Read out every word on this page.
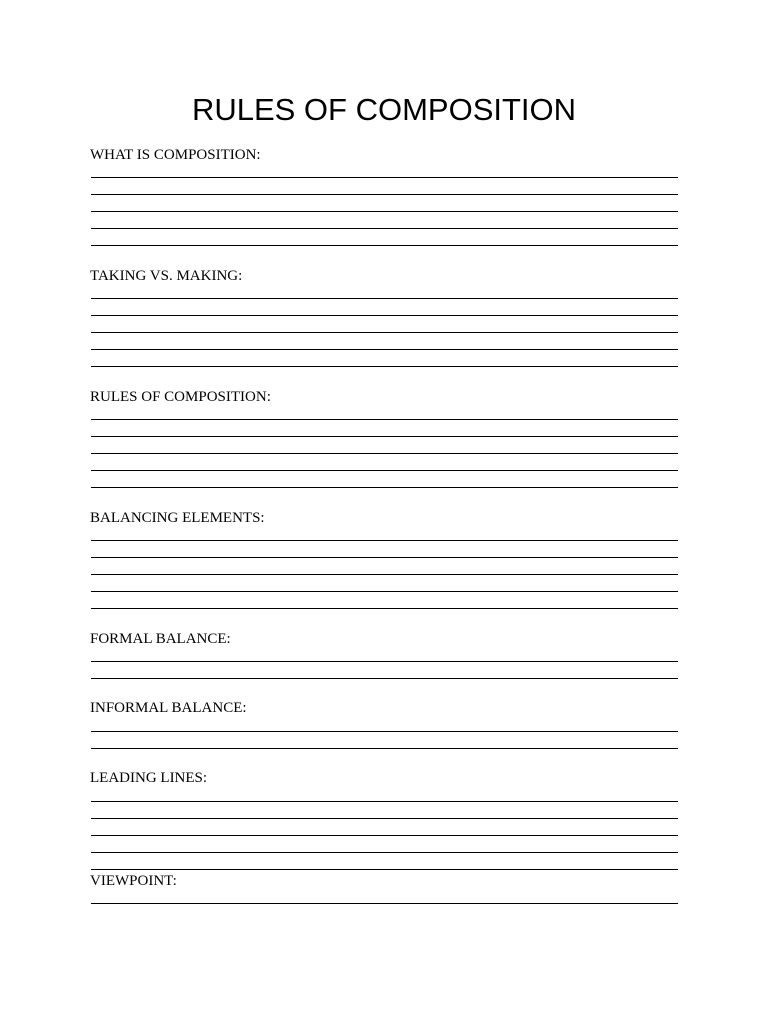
RULES OF COMPOSITION
WHAT IS COMPOSITION:
TAKING VS. MAKING:
RULES OF COMPOSITION:
BALANCING ELEMENTS:
FORMAL BALANCE:
INFORMAL BALANCE:
LEADING LINES:
VIEWPOINT:
